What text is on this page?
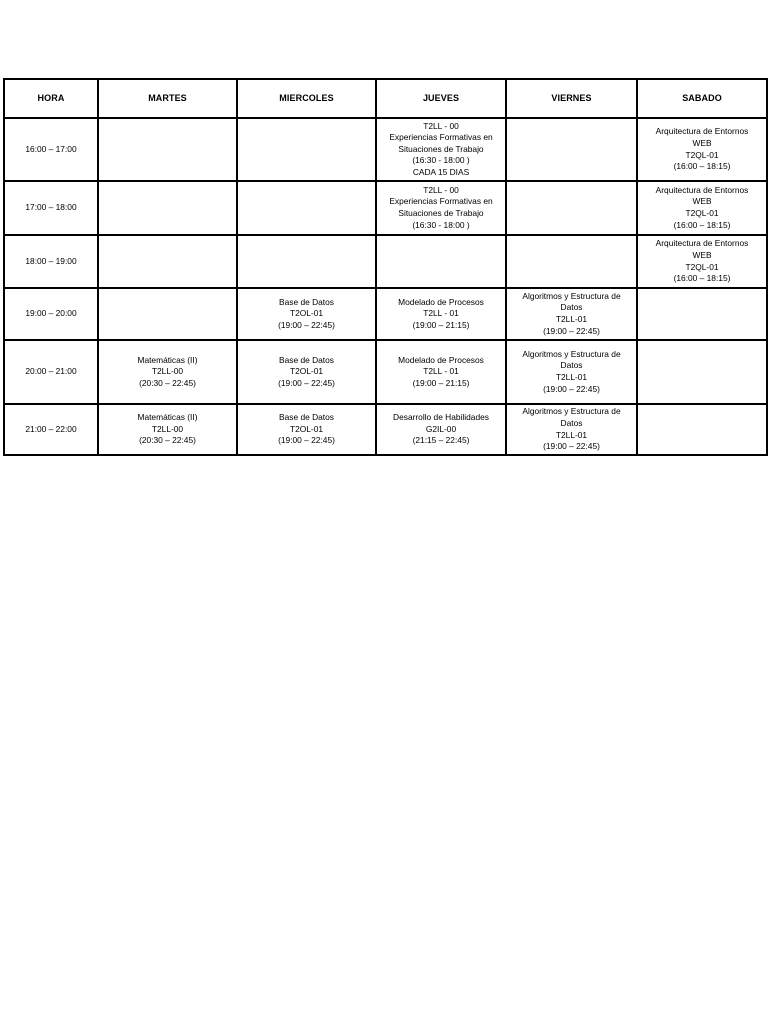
HORA	MARTES	MIERCOLES	JUEVES	VIERNES	SABADO
16:00 – 17:00			T2LL - 00
Experiencias Formativas en
Situaciones de Trabajo
(16:30 - 18:00 )
CADA 15 DIAS		Arquitectura de Entornos
WEB
T2QL-01
(16:00 – 18:15)

17:00 – 18:00			T2LL - 00
Experiencias Formativas en
Situaciones de Trabajo
(16:30 - 18:00 )		Arquitectura de Entornos
WEB
T2QL-01
(16:00 – 18:15)

18:00 – 19:00					Arquitectura de Entornos
WEB
T2QL-01
(16:00 – 18:15)

19:00 – 20:00		Base de Datos
T2OL-01
(19:00 – 22:45)	Modelado de Procesos
T2LL - 01
(19:00 – 21:15)	Algoritmos y Estructura de
Datos
T2LL-01
(19:00 – 22:45)	

20:00 – 21:00	Matemáticas (II)
T2LL-00
(20:30 – 22:45)	Base de Datos
T2OL-01
(19:00 – 22:45)	Modelado de Procesos
T2LL - 01
(19:00 – 21:15)	Algoritmos y Estructura de
Datos
T2LL-01
(19:00 – 22:45)	

21:00 – 22:00	Matemáticas (II)
T2LL-00
(20:30 – 22:45)	Base de Datos
T2OL-01
(19:00 – 22:45)	Desarrollo de Habilidades
G2IL-00
(21:15 – 22:45)	Algoritmos y Estructura de
Datos
T2LL-01
(19:00 – 22:45)	
